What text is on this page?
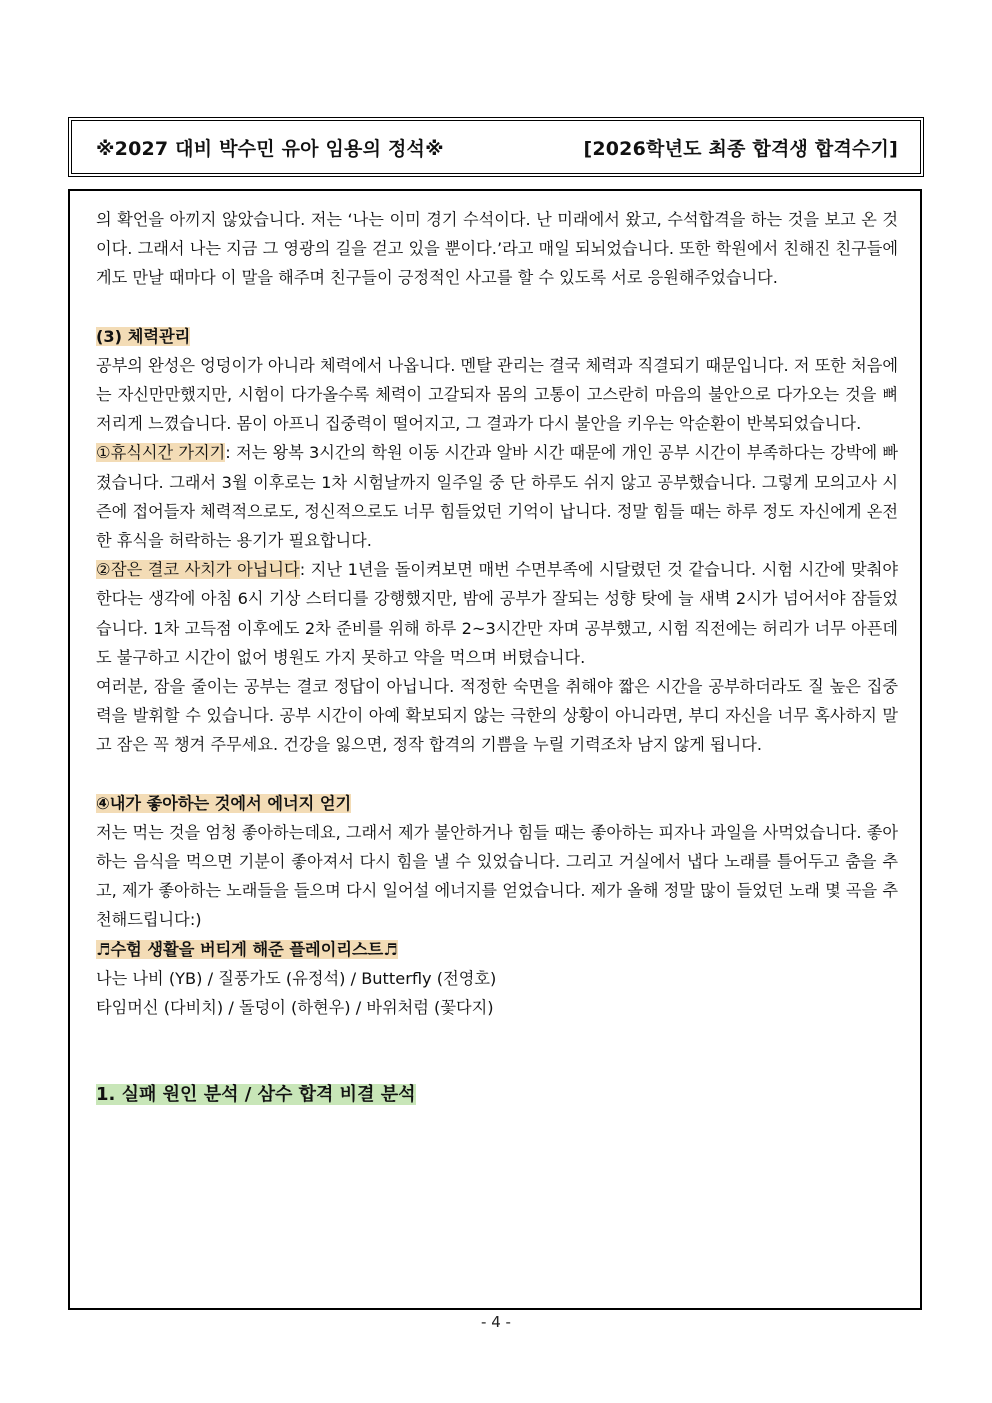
※2027 대비 박수민 유아 임용의 정석※	[2026학년도 최종 합격생 합격수기]

의 확언을 아끼지 않았습니다. 저는 ‘나는 이미 경기 수석이다. 난 미래에서 왔고, 수석합격을 하는 것을 보고 온 것이다. 그래서 나는 지금 그 영광의 길을 걷고 있을 뿐이다.’라고 매일 되뇌었습니다. 또한 학원에서 친해진 친구들에게도 만날 때마다 이 말을 해주며 친구들이 긍정적인 사고를 할 수 있도록 서로 응원해주었습니다.

(3) 체력관리

공부의 완성은 엉덩이가 아니라 체력에서 나옵니다. 멘탈 관리는 결국 체력과 직결되기 때문입니다. 저 또한 처음에는 자신만만했지만, 시험이 다가올수록 체력이 고갈되자 몸의 고통이 고스란히 마음의 불안으로 다가오는 것을 뼈저리게 느꼈습니다. 몸이 아프니 집중력이 떨어지고, 그 결과가 다시 불안을 키우는 악순환이 반복되었습니다.

①휴식시간 가지기: 저는 왕복 3시간의 학원 이동 시간과 알바 시간 때문에 개인 공부 시간이 부족하다는 강박에 빠졌습니다. 그래서 3월 이후로는 1차 시험날까지 일주일 중 단 하루도 쉬지 않고 공부했습니다. 그렇게 모의고사 시즌에 접어들자 체력적으로도, 정신적으로도 너무 힘들었던 기억이 납니다. 정말 힘들 때는 하루 정도 자신에게 온전한 휴식을 허락하는 용기가 필요합니다.

②잠은 결코 사치가 아닙니다: 지난 1년을 돌이켜보면 매번 수면부족에 시달렸던 것 같습니다. 시험 시간에 맞춰야 한다는 생각에 아침 6시 기상 스터디를 강행했지만, 밤에 공부가 잘되는 성향 탓에 늘 새벽 2시가 넘어서야 잠들었습니다. 1차 고득점 이후에도 2차 준비를 위해 하루 2~3시간만 자며 공부했고, 시험 직전에는 허리가 너무 아픈데도 불구하고 시간이 없어 병원도 가지 못하고 약을 먹으며 버텼습니다.

여러분, 잠을 줄이는 공부는 결코 정답이 아닙니다. 적정한 숙면을 취해야 짧은 시간을 공부하더라도 질 높은 집중력을 발휘할 수 있습니다. 공부 시간이 아예 확보되지 않는 극한의 상황이 아니라면, 부디 자신을 너무 혹사하지 말고 잠은 꼭 챙겨 주무세요. 건강을 잃으면, 정작 합격의 기쁨을 누릴 기력조차 남지 않게 됩니다.

④내가 좋아하는 것에서 에너지 얻기

저는 먹는 것을 엄청 좋아하는데요, 그래서 제가 불안하거나 힘들 때는 좋아하는 피자나 과일을 사먹었습니다. 좋아하는 음식을 먹으면 기분이 좋아져서 다시 힘을 낼 수 있었습니다. 그리고 거실에서 냅다 노래를 틀어두고 춤을 추고, 제가 좋아하는 노래들을 들으며 다시 일어설 에너지를 얻었습니다. 제가 올해 정말 많이 들었던 노래 몇 곡을 추천해드립니다:)

♬수험 생활을 버티게 해준 플레이리스트♬

나는 나비 (YB) / 질풍가도 (유정석) / Butterfly (전영호)

타임머신 (다비치) / 돌덩이 (하현우) / 바위처럼 (꽃다지)

1. 실패 원인 분석 / 삼수 합격 비결 분석

- 4 -
